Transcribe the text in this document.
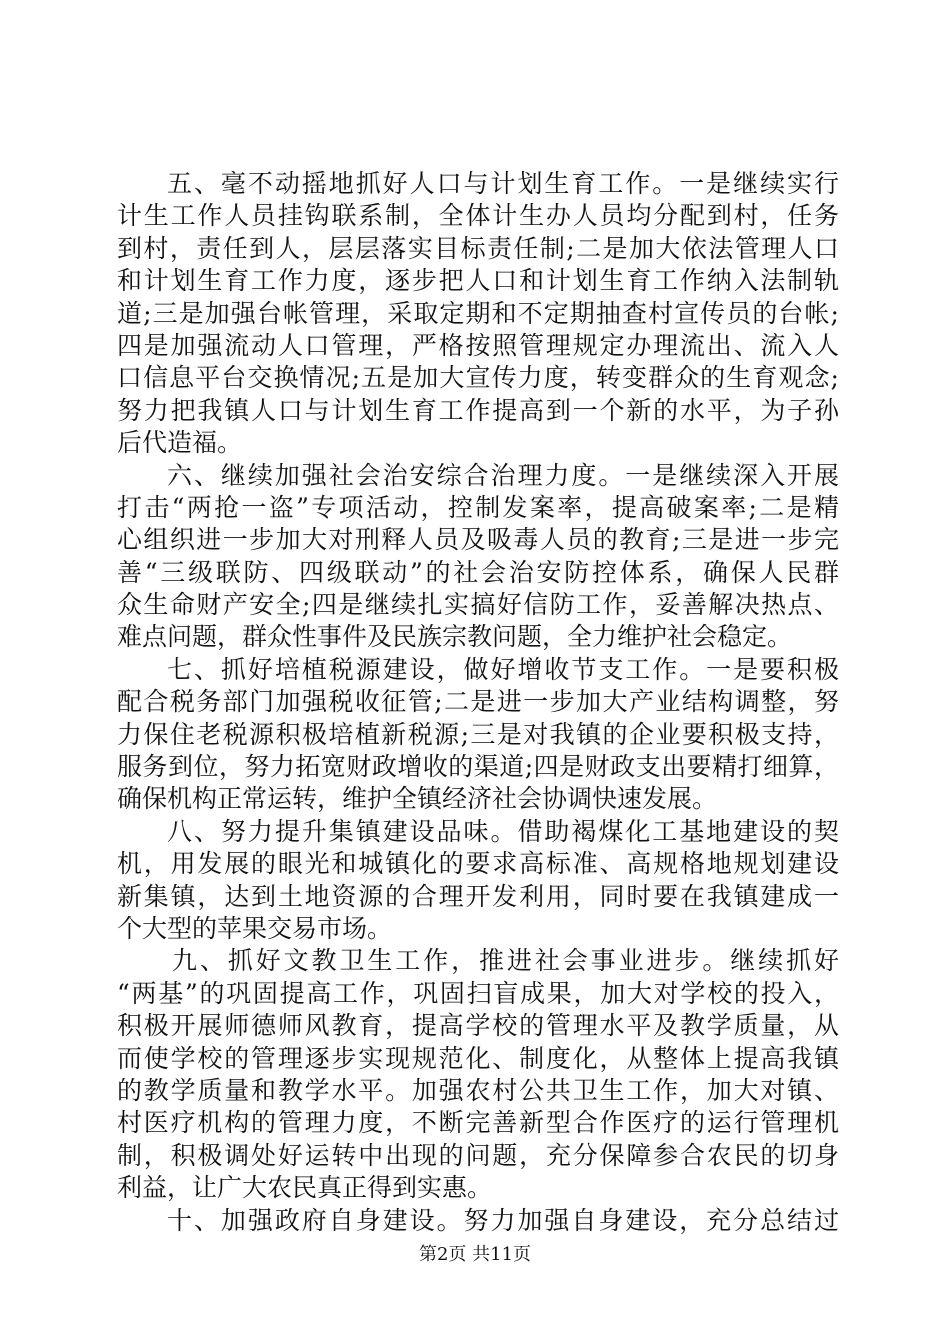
五、毫不动摇地抓好人口与计划生育工作。一是继续实行
计生工作人员挂钩联系制，全体计生办人员均分配到村，任务
到村，责任到人，层层落实目标责任制;二是加大依法管理人口
和计划生育工作力度，逐步把人口和计划生育工作纳入法制轨
道;三是加强台帐管理，采取定期和不定期抽查村宣传员的台帐;
四是加强流动人口管理，严格按照管理规定办理流出、流入人
口信息平台交换情况;五是加大宣传力度，转变群众的生育观念;
努力把我镇人口与计划生育工作提高到一个新的水平，为子孙
后代造福。
六、继续加强社会治安综合治理力度。一是继续深入开展
打击“两抢一盗”专项活动，控制发案率，提高破案率;二是精
心组织进一步加大对刑释人员及吸毒人员的教育;三是进一步完
善“三级联防、四级联动”的社会治安防控体系，确保人民群
众生命财产安全;四是继续扎实搞好信防工作，妥善解决热点、
难点问题，群众性事件及民族宗教问题，全力维护社会稳定。
七、抓好培植税源建设，做好增收节支工作。一是要积极
配合税务部门加强税收征管;二是进一步加大产业结构调整，努
力保住老税源积极培植新税源;三是对我镇的企业要积极支持，
服务到位，努力拓宽财政增收的渠道;四是财政支出要精打细算，
确保机构正常运转，维护全镇经济社会协调快速发展。
八、努力提升集镇建设品味。借助褐煤化工基地建设的契
机，用发展的眼光和城镇化的要求高标准、高规格地规划建设
新集镇，达到土地资源的合理开发利用，同时要在我镇建成一
个大型的苹果交易市场。
九、抓好文教卫生工作，推进社会事业进步。继续抓好
“两基”的巩固提高工作，巩固扫盲成果，加大对学校的投入，
积极开展师德师风教育，提高学校的管理水平及教学质量，从
而使学校的管理逐步实现规范化、制度化，从整体上提高我镇
的教学质量和教学水平。加强农村公共卫生工作，加大对镇、
村医疗机构的管理力度，不断完善新型合作医疗的运行管理机
制，积极调处好运转中出现的问题，充分保障参合农民的切身
利益，让广大农民真正得到实惠。
十、加强政府自身建设。努力加强自身建设，充分总结过
第2页 共11页
